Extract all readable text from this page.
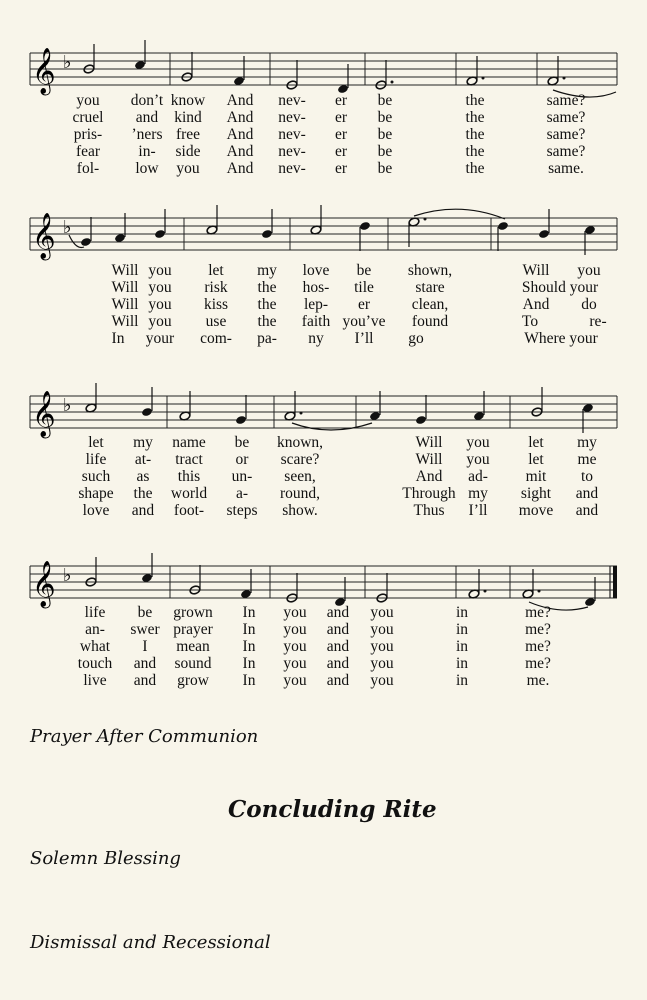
𝄞 ♭
you don’t know And nev- er be	the	same?
cruel and kind And nev- er be	the	same?
pris- ’ners free And nev- er be	the	same?
fear in- side And nev- er be	the	same?
fol- low you And nev- er be	the	same.
𝄞 ♭
Will you let my love be shown,	Will you
Will you risk the hos- tile	stare	Should your
Will you kiss the lep- er	clean,	And do
Will you use the faith you’ve found	To	re-
In your com- pa- ny I’ll go	Where your
𝄞 ♭
let my name be known,	Will you let my
life at- tract or scare?	Will you let me
such as this un- seen,	And ad- mit to
shape the world a- round,	Through my sight and
love and foot- steps show.	Thus I’ll move and
𝄞 ♭
life be grown In you and you	in	me?
an- swer prayer In you and you	in	me?
what I mean In you and you	in	me?
touch and sound In you and you	in	me?
live and grow In you and you	in	me.
Prayer After Communion
Concluding Rite
Solemn Blessing
Dismissal and Recessional
